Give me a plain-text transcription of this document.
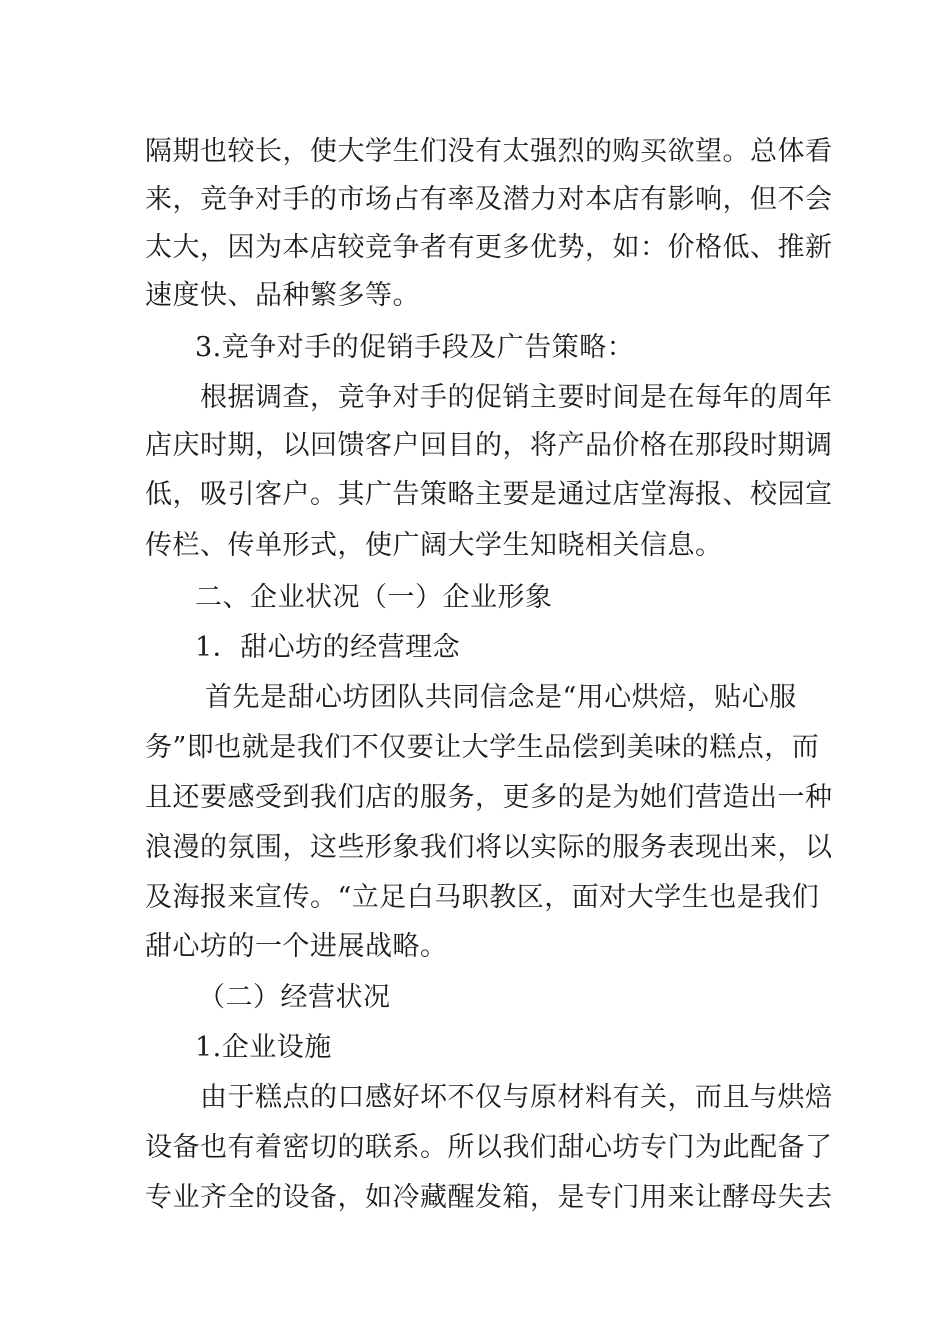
隔期也较长，使大学生们没有太强烈的购买欲望。总体看
来，竞争对手的市场占有率及潜力对本店有影响，但不会
太大，因为本店较竞争者有更多优势，如：价格低、推新
速度快、品种繁多等。
3.竞争对手的促销手段及广告策略：
根据调查，竞争对手的促销主要时间是在每年的周年
店庆时期，以回馈客户回目的，将产品价格在那段时期调
低，吸引客户。其广告策略主要是通过店堂海报、校园宣
传栏、传单形式，使广阔大学生知晓相关信息。
二、企业状况（一）企业形象
1．甜心坊的经营理念
首先是甜心坊团队共同信念是“用心烘焙，贴心服
务”即也就是我们不仅要让大学生品偿到美味的糕点，而
且还要感受到我们店的服务，更多的是为她们营造出一种
浪漫的氛围，这些形象我们将以实际的服务表现出来，以
及海报来宣传。“立足白马职教区，面对大学生也是我们
甜心坊的一个进展战略。
（二）经营状况
1.企业设施
由于糕点的口感好坏不仅与原材料有关，而且与烘焙
设备也有着密切的联系。所以我们甜心坊专门为此配备了
专业齐全的设备，如冷藏醒发箱，是专门用来让酵母失去
